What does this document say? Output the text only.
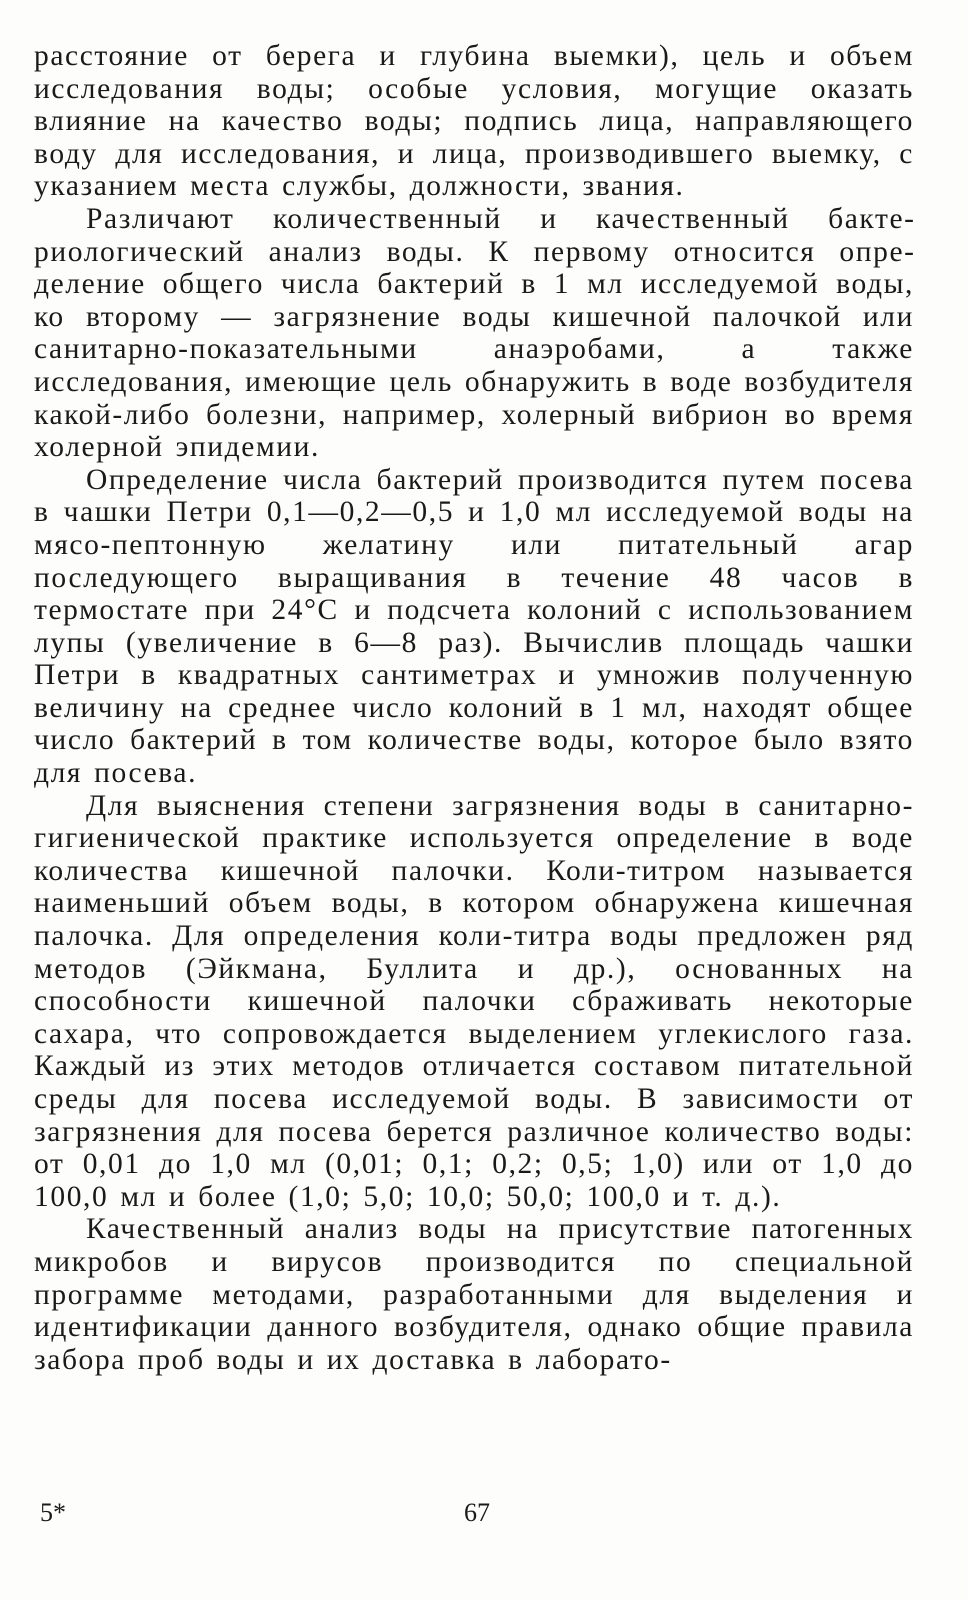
расстояние от берега и глубина выемки), цель и объем исследования воды; особые условия, могущие оказать влияние на качество воды; подпись лица, направляющего воду для исследования, и лица, производившего выемку, с указанием места службы, должности, звания.

Различают количественный и качественный бактериологический анализ воды. К первому относится определение общего числа бактерий в 1 мл исследуемой воды, ко второму — загрязнение воды кишечной палочкой или санитарно-показательными анаэробами, а также исследования, имеющие цель обнаружить в воде возбудителя какой-либо болезни, например, холерный вибрион во время холерной эпидемии.

Определение числа бактерий производится путем посева в чашки Петри 0,1—0,2—0,5 и 1,0 мл исследуемой воды на мясо-пептонную желатину или питательный агар последующего выращивания в течение 48 часов в термостате при 24°С и подсчета колоний с использованием лупы (увеличение в 6—8 раз). Вычислив площадь чашки Петри в квадратных сантиметрах и умножив полученную величину на среднее число колоний в 1 мл, находят общее число бактерий в том количестве воды, которое было взято для посева.

Для выяснения степени загрязнения воды в санитарно-гигиенической практике используется определение в воде количества кишечной палочки. Коли-титром называется наименьший объем воды, в котором обнаружена кишечная палочка. Для определения коли-титра воды предложен ряд методов (Эйкмана, Буллита и др.), основанных на способности кишечной палочки сбраживать некоторые сахара, что сопровождается выделением углекислого газа. Каждый из этих методов отличается составом питательной среды для посева исследуемой воды. В зависимости от загрязнения для посева берется различное количество воды: от 0,01 до 1,0 мл (0,01; 0,1; 0,2; 0,5; 1,0) или от 1,0 до 100,0 мл и более (1,0; 5,0; 10,0; 50,0; 100,0 и т. д.).

Качественный анализ воды на присутствие патогенных микробов и вирусов производится по специальной программе методами, разработанными для выделения и идентификации данного возбудителя, однако общие правила забора проб воды и их доставка в лаборато-

5*	67
